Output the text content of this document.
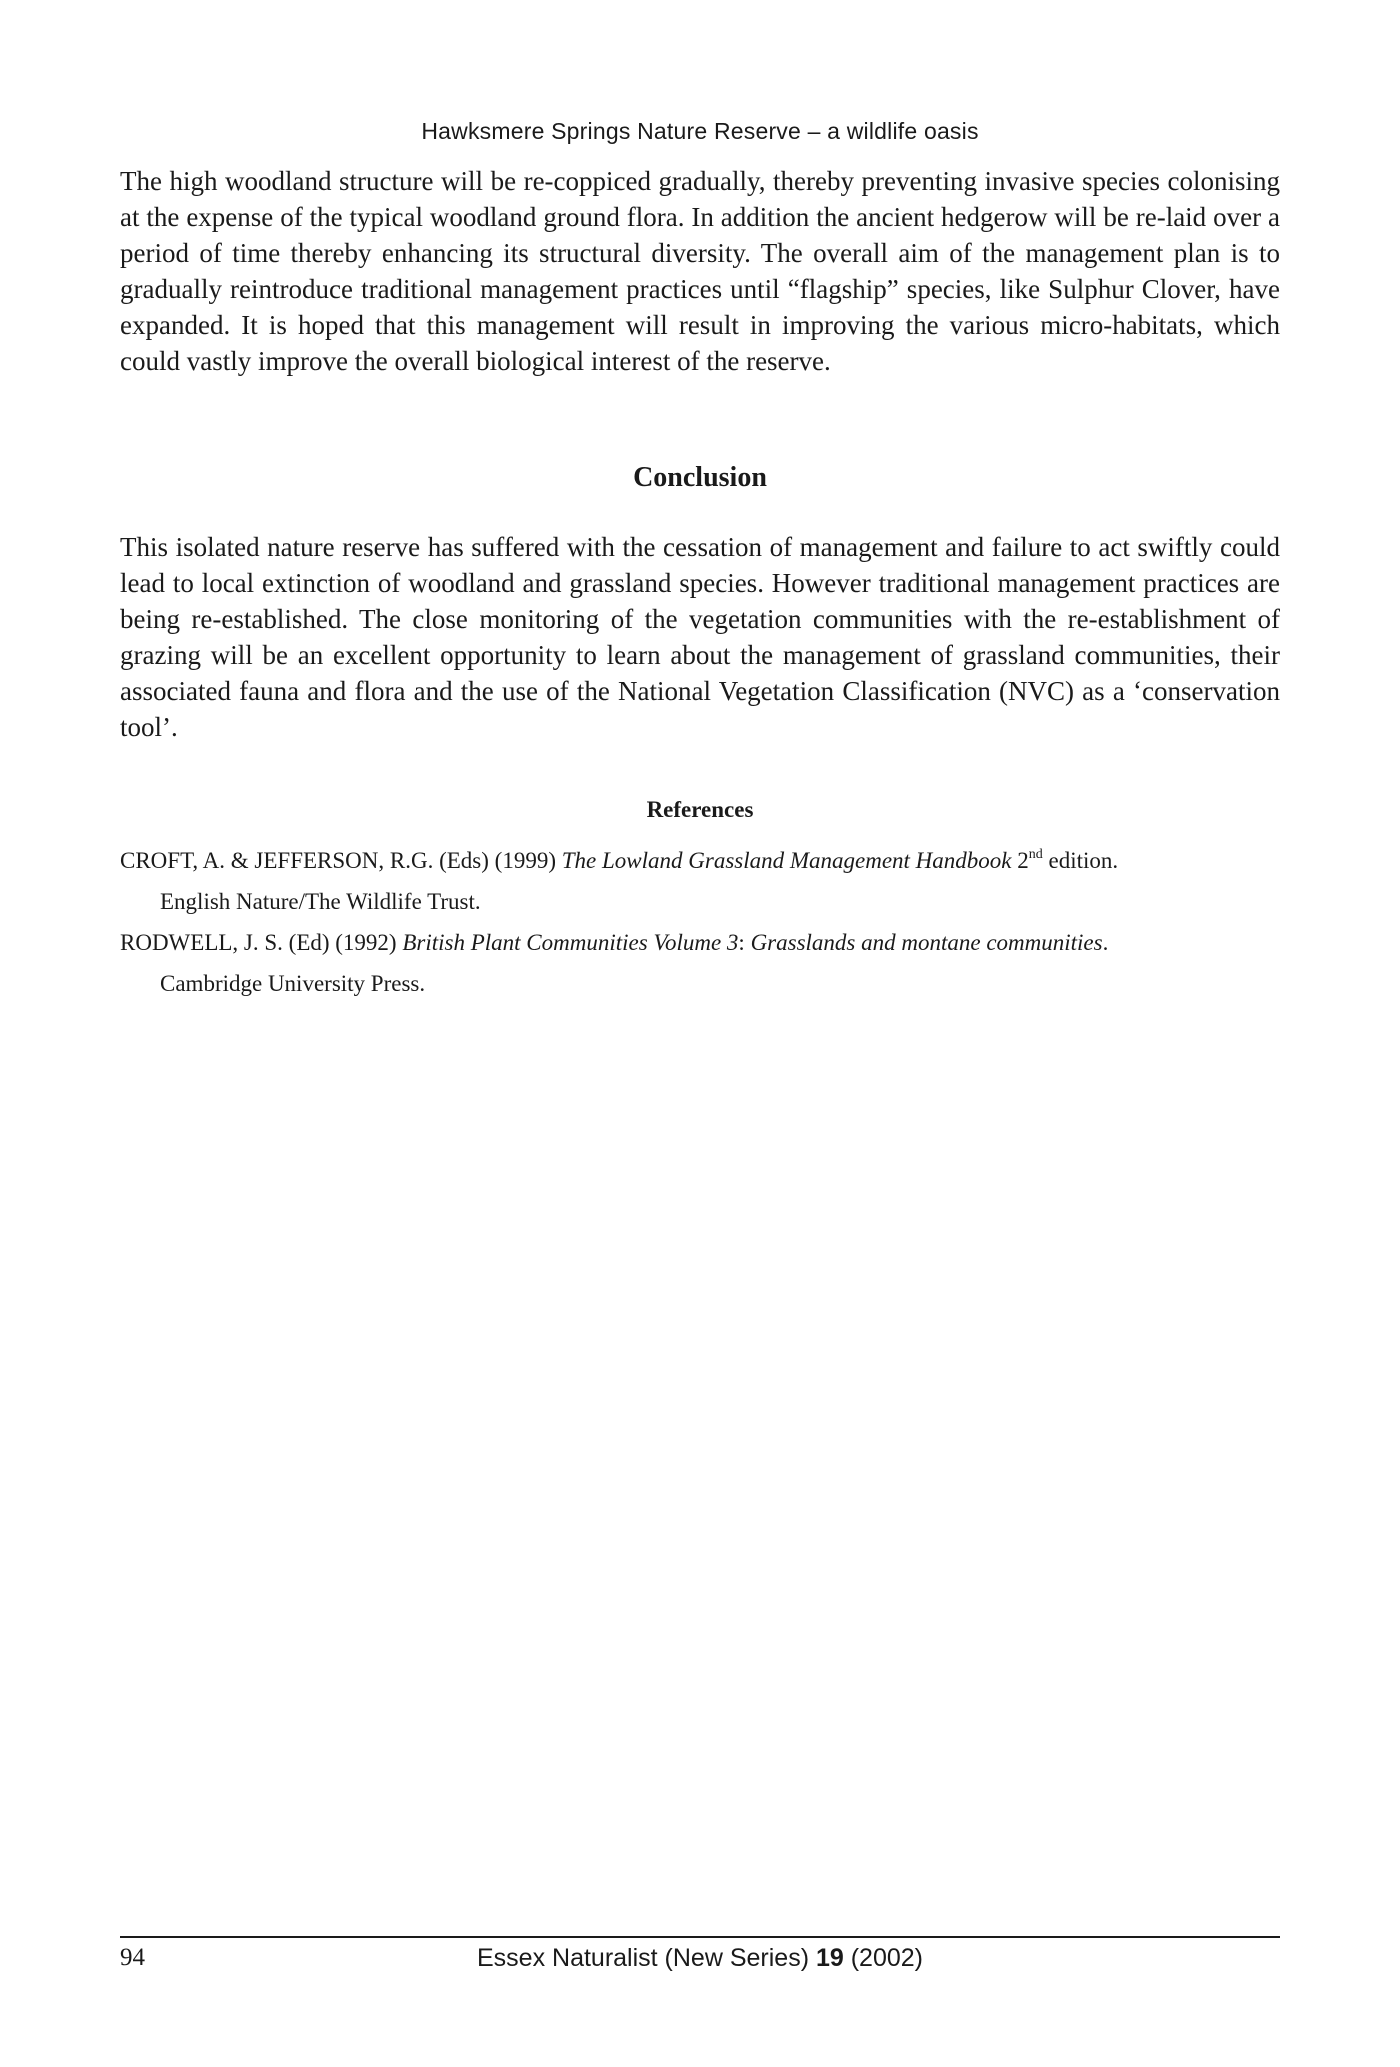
Hawksmere Springs Nature Reserve – a wildlife oasis

The high woodland structure will be re-coppiced gradually, thereby preventing invasive species colonising at the expense of the typical woodland ground flora. In addition the ancient hedgerow will be re-laid over a period of time thereby enhancing its structural diversity. The overall aim of the management plan is to gradually reintroduce traditional management practices until “flagship” species, like Sulphur Clover, have expanded. It is hoped that this management will result in improving the various micro-habitats, which could vastly improve the overall biological interest of the reserve.

Conclusion

This isolated nature reserve has suffered with the cessation of management and failure to act swiftly could lead to local extinction of woodland and grassland species. However traditional management practices are being re-established. The close monitoring of the vegetation communities with the re-establishment of grazing will be an excellent opportunity to learn about the management of grassland communities, their associated fauna and flora and the use of the National Vegetation Classification (NVC) as a ‘conservation tool’.

References

CROFT, A. & JEFFERSON, R.G. (Eds) (1999) The Lowland Grassland Management Handbook 2nd edition.
English Nature/The Wildlife Trust.

RODWELL, J. S. (Ed) (1992) British Plant Communities Volume 3: Grasslands and montane communities.
Cambridge University Press.

94	Essex Naturalist (New Series) 19 (2002)
